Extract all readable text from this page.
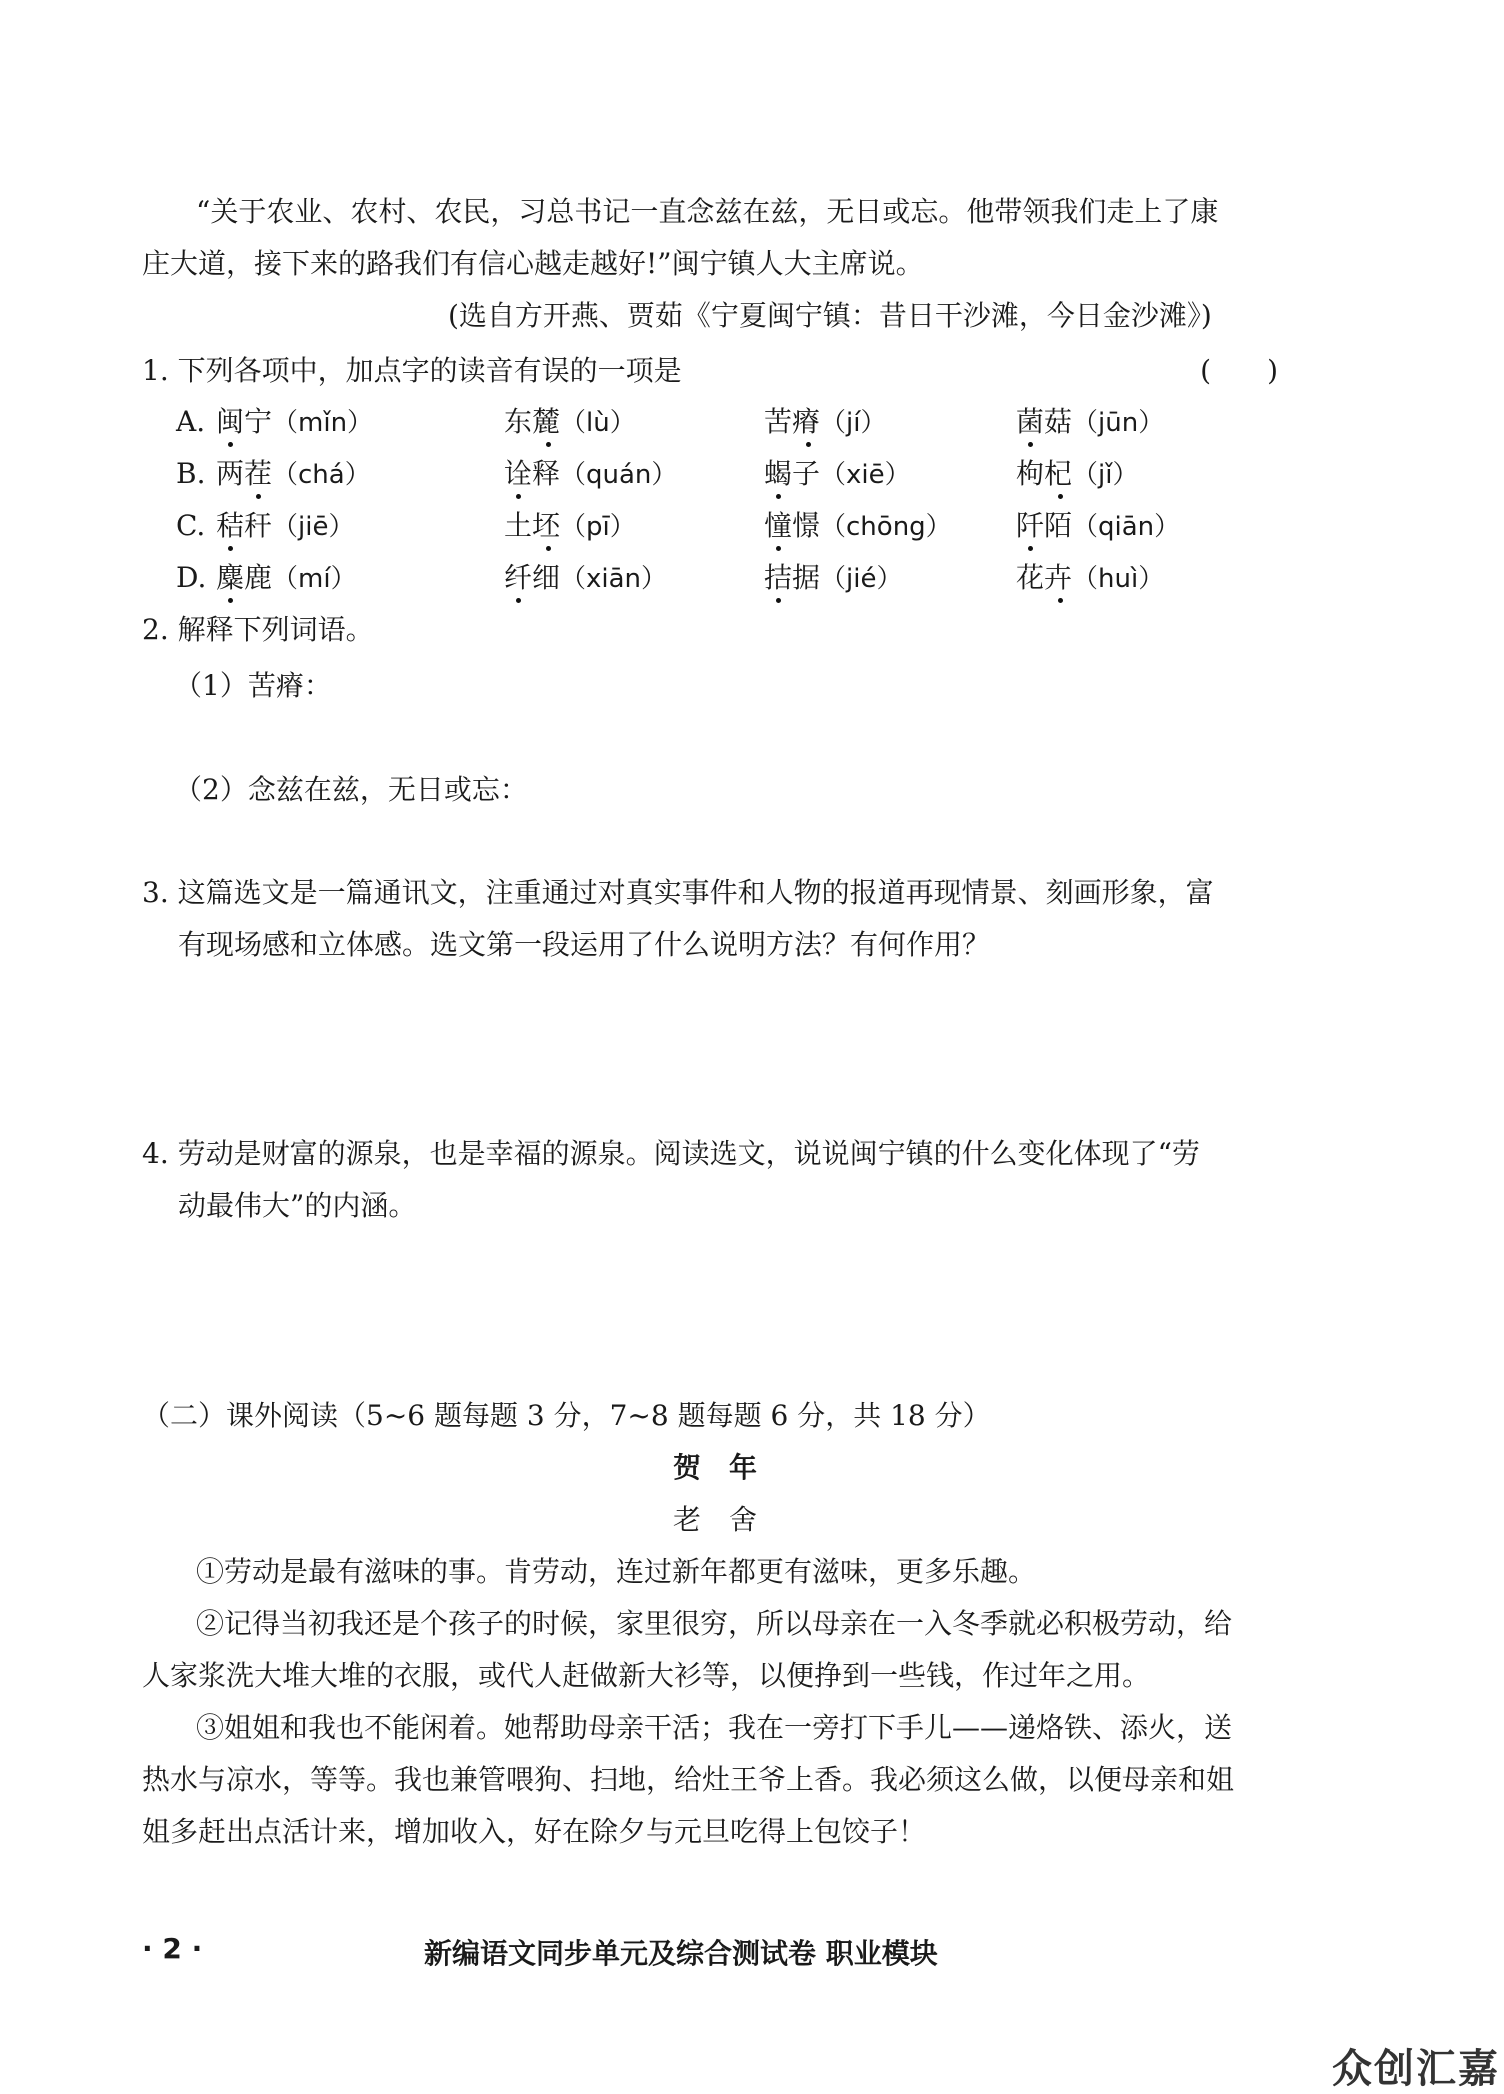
“关于农业、农村、农民，习总书记一直念兹在兹，无日或忘。他带领我们走上了康
庄大道，接下来的路我们有信心越走越好!”闽宁镇人大主席说。
(选自方开燕、贾茹《宁夏闽宁镇：昔日干沙滩，今日金沙滩》)
1. 下列各项中，加点字的读音有误的一项是	(　　)
A. 闽宁（mǐn）	东麓（lù）	苦瘠（jí）	菌菇（jūn）
B. 两茬（chá）	诠释（quán）	蝎子（xiē）	枸杞（jǐ）
C. 秸秆（jiē）	土坯（pī）	憧憬（chōng） 阡陌（qiān）
D. 麋鹿（mí）	纤细（xiān）	拮据（jié）	花卉（huì）
2. 解释下列词语。
（1）苦瘠：
（2）念兹在兹，无日或忘：
3. 这篇选文是一篇通讯文，注重通过对真实事件和人物的报道再现情景、刻画形象，富
有现场感和立体感。选文第一段运用了什么说明方法？有何作用？
4. 劳动是财富的源泉，也是幸福的源泉。阅读选文，说说闽宁镇的什么变化体现了“劳
动最伟大”的内涵。
（二）课外阅读（5~6 题每题 3 分，7~8 题每题 6 分，共 18 分）
贺　年
老　舍
①劳动是最有滋味的事。肯劳动，连过新年都更有滋味，更多乐趣。
②记得当初我还是个孩子的时候，家里很穷，所以母亲在一入冬季就必积极劳动，给
人家浆洗大堆大堆的衣服，或代人赶做新大衫等，以便挣到一些钱，作过年之用。
③姐姐和我也不能闲着。她帮助母亲干活；我在一旁打下手儿——递烙铁、添火，送
热水与凉水，等等。我也兼管喂狗、扫地，给灶王爷上香。我必须这么做，以便母亲和姐
姐多赶出点活计来，增加收入，好在除夕与元旦吃得上包饺子！
· 2 ·	新编语文同步单元及综合测试卷 职业模块
众创汇嘉
